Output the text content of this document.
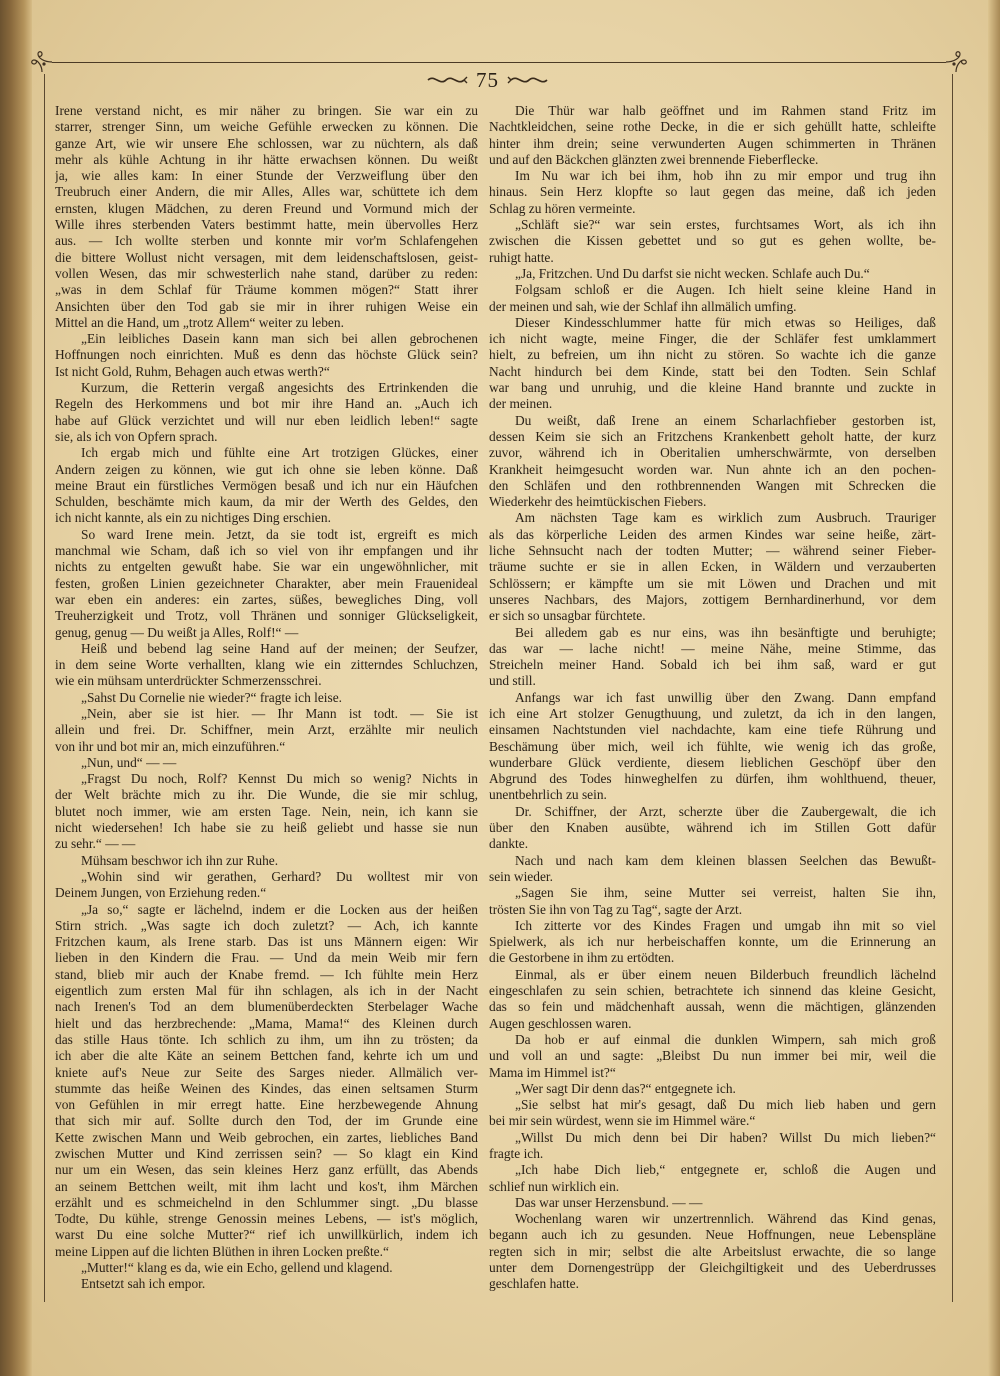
75
Irene verstand nicht, es mir näher zu bringen. Sie war ein zu
starrer, strenger Sinn, um weiche Gefühle erwecken zu können. Die
ganze Art, wie wir unsere Ehe schlossen, war zu nüchtern, als daß
mehr als kühle Achtung in ihr hätte erwachsen können. Du weißt
ja, wie alles kam: In einer Stunde der Verzweiflung über den
Treubruch einer Andern, die mir Alles, Alles war, schüttete ich dem
ernsten, klugen Mädchen, zu deren Freund und Vormund mich der
Wille ihres sterbenden Vaters bestimmt hatte, mein übervolles Herz
aus. — Ich wollte sterben und konnte mir vor'm Schlafengehen
die bittere Wollust nicht versagen, mit dem leidenschaftslosen, geist-
vollen Wesen, das mir schwesterlich nahe stand, darüber zu reden:
„was in dem Schlaf für Träume kommen mögen?“ Statt ihrer
Ansichten über den Tod gab sie mir in ihrer ruhigen Weise ein
Mittel an die Hand, um „trotz Allem“ weiter zu leben.
„Ein leibliches Dasein kann man sich bei allen gebrochenen
Hoffnungen noch einrichten. Muß es denn das höchste Glück sein?
Ist nicht Gold, Ruhm, Behagen auch etwas werth?“
Kurzum, die Retterin vergaß angesichts des Ertrinkenden die
Regeln des Herkommens und bot mir ihre Hand an. „Auch ich
habe auf Glück verzichtet und will nur eben leidlich leben!“ sagte
sie, als ich von Opfern sprach.
Ich ergab mich und fühlte eine Art trotzigen Glückes, einer
Andern zeigen zu können, wie gut ich ohne sie leben könne. Daß
meine Braut ein fürstliches Vermögen besaß und ich nur ein Häufchen
Schulden, beschämte mich kaum, da mir der Werth des Geldes, den
ich nicht kannte, als ein zu nichtiges Ding erschien.
So ward Irene mein. Jetzt, da sie todt ist, ergreift es mich
manchmal wie Scham, daß ich so viel von ihr empfangen und ihr
nichts zu entgelten gewußt habe. Sie war ein ungewöhnlicher, mit
festen, großen Linien gezeichneter Charakter, aber mein Frauenideal
war eben ein anderes: ein zartes, süßes, bewegliches Ding, voll
Treuherzigkeit und Trotz, voll Thränen und sonniger Glückseligkeit,
genug, genug — Du weißt ja Alles, Rolf!“ —
Heiß und bebend lag seine Hand auf der meinen; der Seufzer,
in dem seine Worte verhallten, klang wie ein zitterndes Schluchzen,
wie ein mühsam unterdrückter Schmerzensschrei.
„Sahst Du Cornelie nie wieder?“ fragte ich leise.
„Nein, aber sie ist hier. — Ihr Mann ist todt. — Sie ist
allein und frei. Dr. Schiffner, mein Arzt, erzählte mir neulich
von ihr und bot mir an, mich einzuführen.“
„Nun, und“ — —
„Fragst Du noch, Rolf? Kennst Du mich so wenig? Nichts in
der Welt brächte mich zu ihr. Die Wunde, die sie mir schlug,
blutet noch immer, wie am ersten Tage. Nein, nein, ich kann sie
nicht wiedersehen! Ich habe sie zu heiß geliebt und hasse sie nun
zu sehr.“ — —
Mühsam beschwor ich ihn zur Ruhe.
„Wohin sind wir gerathen, Gerhard? Du wolltest mir von
Deinem Jungen, von Erziehung reden.“
„Ja so,“ sagte er lächelnd, indem er die Locken aus der heißen
Stirn strich. „Was sagte ich doch zuletzt? — Ach, ich kannte
Fritzchen kaum, als Irene starb. Das ist uns Männern eigen: Wir
lieben in den Kindern die Frau. — Und da mein Weib mir fern
stand, blieb mir auch der Knabe fremd. — Ich fühlte mein Herz
eigentlich zum ersten Mal für ihn schlagen, als ich in der Nacht
nach Irenen's Tod an dem blumenüberdeckten Sterbelager Wache
hielt und das herzbrechende: „Mama, Mama!“ des Kleinen durch
das stille Haus tönte. Ich schlich zu ihm, um ihn zu trösten; da
ich aber die alte Käte an seinem Bettchen fand, kehrte ich um und
kniete auf's Neue zur Seite des Sarges nieder. Allmälich ver-
stummte das heiße Weinen des Kindes, das einen seltsamen Sturm
von Gefühlen in mir erregt hatte. Eine herzbewegende Ahnung
that sich mir auf. Sollte durch den Tod, der im Grunde eine
Kette zwischen Mann und Weib gebrochen, ein zartes, liebliches Band
zwischen Mutter und Kind zerrissen sein? — So klagt ein Kind
nur um ein Wesen, das sein kleines Herz ganz erfüllt, das Abends
an seinem Bettchen weilt, mit ihm lacht und kos't, ihm Märchen
erzählt und es schmeichelnd in den Schlummer singt. „Du blasse
Todte, Du kühle, strenge Genossin meines Lebens, — ist's möglich,
warst Du eine solche Mutter?“ rief ich unwillkürlich, indem ich
meine Lippen auf die lichten Blüthen in ihren Locken preßte.“
„Mutter!“ klang es da, wie ein Echo, gellend und klagend.
Entsetzt sah ich empor.
Die Thür war halb geöffnet und im Rahmen stand Fritz im
Nachtkleidchen, seine rothe Decke, in die er sich gehüllt hatte, schleifte
hinter ihm drein; seine verwunderten Augen schimmerten in Thränen
und auf den Bäckchen glänzten zwei brennende Fieberflecke.
Im Nu war ich bei ihm, hob ihn zu mir empor und trug ihn
hinaus. Sein Herz klopfte so laut gegen das meine, daß ich jeden
Schlag zu hören vermeinte.
„Schläft sie?“ war sein erstes, furchtsames Wort, als ich ihn
zwischen die Kissen gebettet und so gut es gehen wollte, be-
ruhigt hatte.
„Ja, Fritzchen. Und Du darfst sie nicht wecken. Schlafe auch Du.“
Folgsam schloß er die Augen. Ich hielt seine kleine Hand in
der meinen und sah, wie der Schlaf ihn allmälich umfing.
Dieser Kindesschlummer hatte für mich etwas so Heiliges, daß
ich nicht wagte, meine Finger, die der Schläfer fest umklammert
hielt, zu befreien, um ihn nicht zu stören. So wachte ich die ganze
Nacht hindurch bei dem Kinde, statt bei den Todten. Sein Schlaf
war bang und unruhig, und die kleine Hand brannte und zuckte in
der meinen.
Du weißt, daß Irene an einem Scharlachfieber gestorben ist,
dessen Keim sie sich an Fritzchens Krankenbett geholt hatte, der kurz
zuvor, während ich in Oberitalien umherschwärmte, von derselben
Krankheit heimgesucht worden war. Nun ahnte ich an den pochen-
den Schläfen und den rothbrennenden Wangen mit Schrecken die
Wiederkehr des heimtückischen Fiebers.
Am nächsten Tage kam es wirklich zum Ausbruch. Trauriger
als das körperliche Leiden des armen Kindes war seine heiße, zärt-
liche Sehnsucht nach der todten Mutter; — während seiner Fieber-
träume suchte er sie in allen Ecken, in Wäldern und verzauberten
Schlössern; er kämpfte um sie mit Löwen und Drachen und mit
unseres Nachbars, des Majors, zottigem Bernhardinerhund, vor dem
er sich so unsagbar fürchtete.
Bei alledem gab es nur eins, was ihn besänftigte und beruhigte;
das war — lache nicht! — meine Nähe, meine Stimme, das
Streicheln meiner Hand. Sobald ich bei ihm saß, ward er gut
und still.
Anfangs war ich fast unwillig über den Zwang. Dann empfand
ich eine Art stolzer Genugthuung, und zuletzt, da ich in den langen,
einsamen Nachtstunden viel nachdachte, kam eine tiefe Rührung und
Beschämung über mich, weil ich fühlte, wie wenig ich das große,
wunderbare Glück verdiente, diesem lieblichen Geschöpf über den
Abgrund des Todes hinweghelfen zu dürfen, ihm wohlthuend, theuer,
unentbehrlich zu sein.
Dr. Schiffner, der Arzt, scherzte über die Zaubergewalt, die ich
über den Knaben ausübte, während ich im Stillen Gott dafür
dankte.
Nach und nach kam dem kleinen blassen Seelchen das Bewußt-
sein wieder.
„Sagen Sie ihm, seine Mutter sei verreist, halten Sie ihn,
trösten Sie ihn von Tag zu Tag“, sagte der Arzt.
Ich zitterte vor des Kindes Fragen und umgab ihn mit so viel
Spielwerk, als ich nur herbeischaffen konnte, um die Erinnerung an
die Gestorbene in ihm zu ertödten.
Einmal, als er über einem neuen Bilderbuch freundlich lächelnd
eingeschlafen zu sein schien, betrachtete ich sinnend das kleine Gesicht,
das so fein und mädchenhaft aussah, wenn die mächtigen, glänzenden
Augen geschlossen waren.
Da hob er auf einmal die dunklen Wimpern, sah mich groß
und voll an und sagte: „Bleibst Du nun immer bei mir, weil die
Mama im Himmel ist?“
„Wer sagt Dir denn das?“ entgegnete ich.
„Sie selbst hat mir's gesagt, daß Du mich lieb haben und gern
bei mir sein würdest, wenn sie im Himmel wäre.“
„Willst Du mich denn bei Dir haben? Willst Du mich lieben?“
fragte ich.
„Ich habe Dich lieb,“ entgegnete er, schloß die Augen und
schlief nun wirklich ein.
Das war unser Herzensbund. — —
Wochenlang waren wir unzertrennlich. Während das Kind genas,
begann auch ich zu gesunden. Neue Hoffnungen, neue Lebenspläne
regten sich in mir; selbst die alte Arbeitslust erwachte, die so lange
unter dem Dornengestrüpp der Gleichgiltigkeit und des Ueberdrusses
geschlafen hatte.
